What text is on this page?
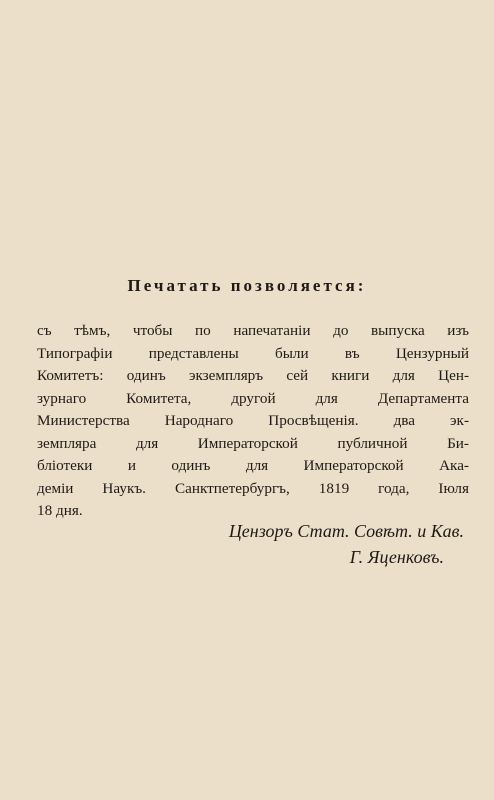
Печатать позволяется:
съ тѣмъ, чтобы по напечатаніи до выпуска изъ
Типографіи представлены были въ Цензурный
Комитетъ: одинъ экземпляръ сей книги для Цен-
зурнаго Комитета, другой для Департамента
Министерства Народнаго Просвѣщенія. два эк-
земпляра для Императорской публичной Би-
бліотеки и одинъ для Императорской Ака-
деміи Наукъ. Санктпетербургъ, 1819 года, Іюля
18 дня.
Цензоръ Стат. Совѣт. и Кав.
Г. Яценковъ.
